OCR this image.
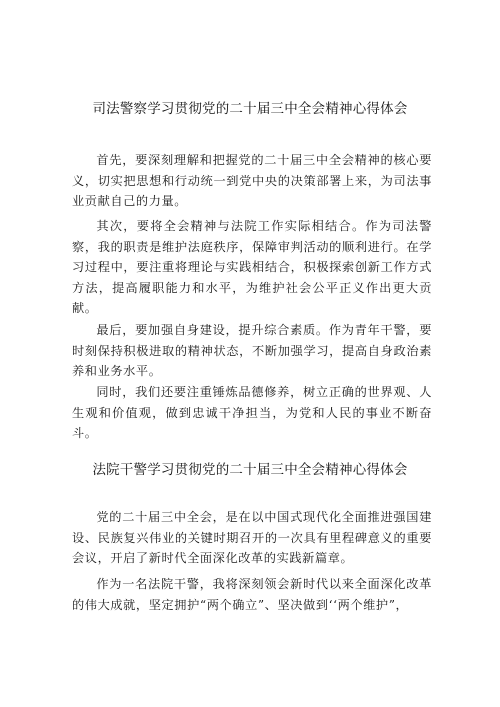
司法警察学习贯彻党的二十届三中全会精神心得体会

首先，要深刻理解和把握党的二十届三中全会精神的核心要义，切实把思想和行动统一到党中央的决策部署上来，为司法事业贡献自己的力量。

其次，要将全会精神与法院工作实际相结合。作为司法警察，我的职责是维护法庭秩序，保障审判活动的顺利进行。在学习过程中，要注重将理论与实践相结合，积极探索创新工作方式方法，提高履职能力和水平，为维护社会公平正义作出更大贡献。

最后，要加强自身建设，提升综合素质。作为青年干警，要时刻保持积极进取的精神状态，不断加强学习，提高自身政治素养和业务水平。

同时，我们还要注重锤炼品德修养，树立正确的世界观、人生观和价值观，做到忠诚干净担当，为党和人民的事业不断奋斗。

法院干警学习贯彻党的二十届三中全会精神心得体会

党的二十届三中全会，是在以中国式现代化全面推进强国建设、民族复兴伟业的关键时期召开的一次具有里程碑意义的重要会议，开启了新时代全面深化改革的实践新篇章。

作为一名法院干警，我将深刻领会新时代以来全面深化改革的伟大成就，坚定拥护“两个确立”、坚决做到‘‘两个维护”，
